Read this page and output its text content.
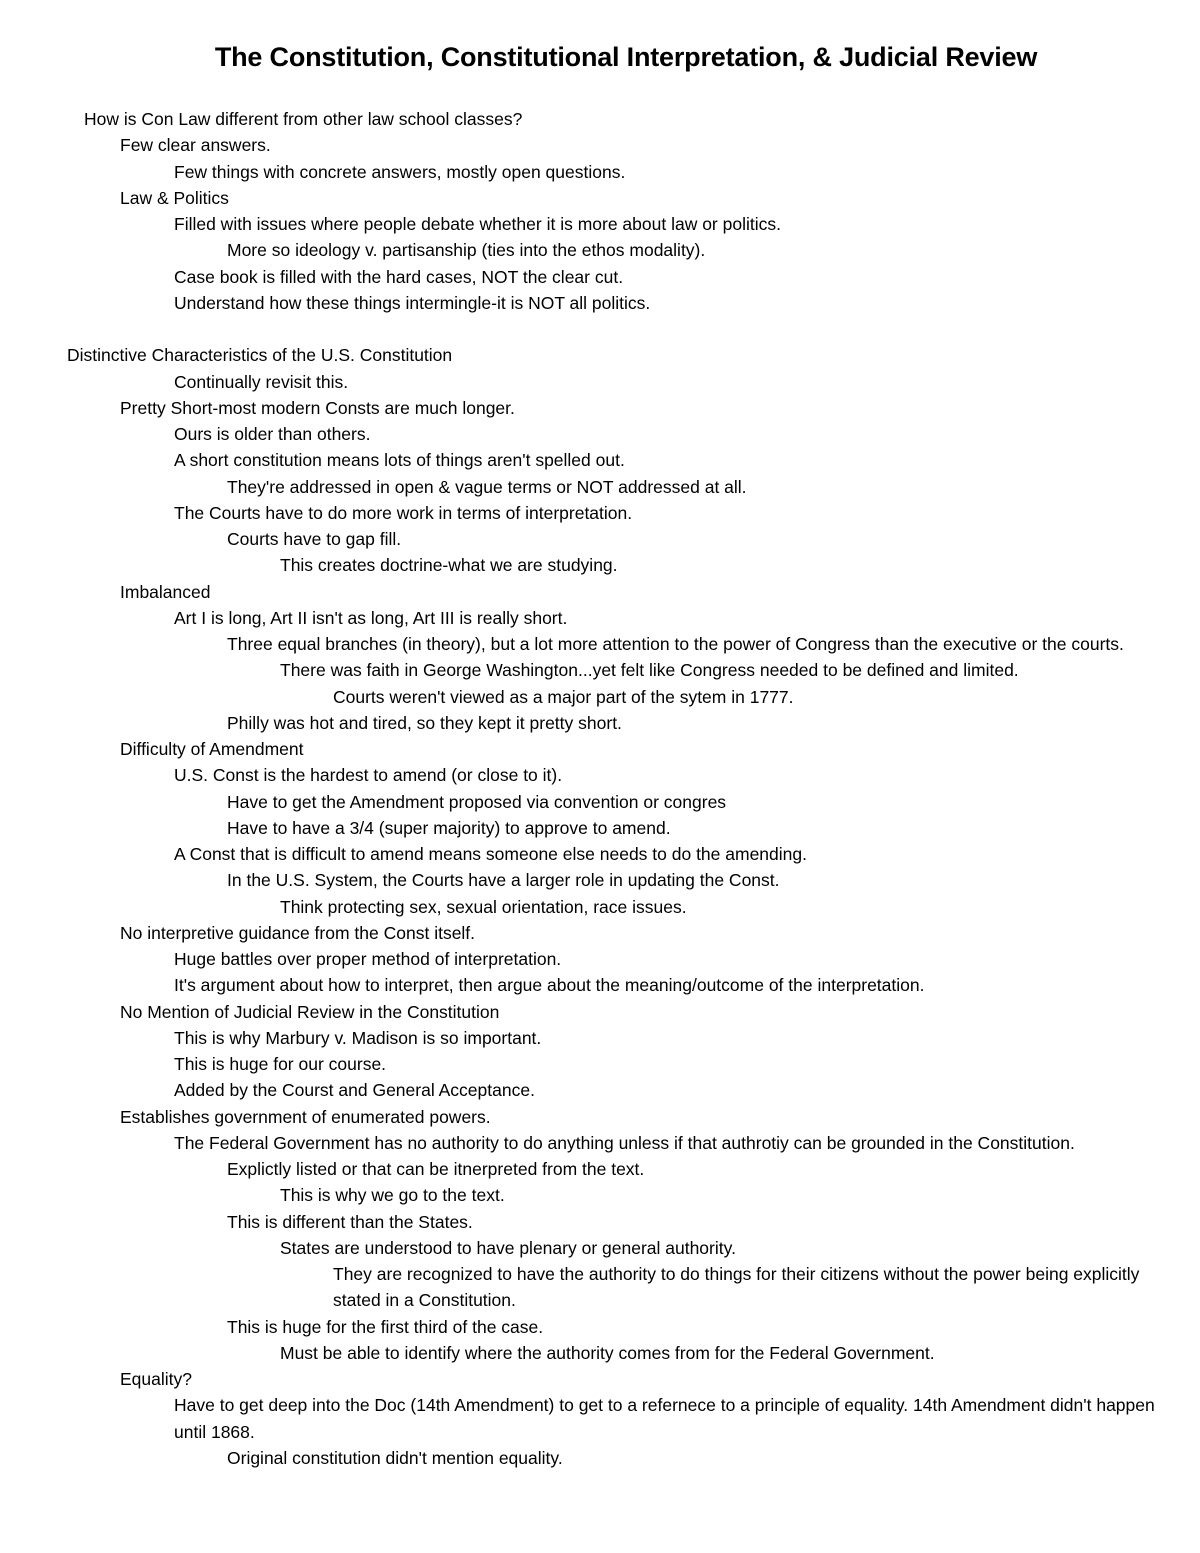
The Constitution, Constitutional Interpretation, & Judicial Review
How is Con Law different from other law school classes?
Few clear answers.
Few things with concrete answers, mostly open questions.
Law & Politics
Filled with issues where people debate whether it is more about law or politics.
More so ideology v. partisanship (ties into the ethos modality).
Case book is filled with the hard cases, NOT the clear cut.
Understand how these things intermingle-it is NOT all politics.
Distinctive Characteristics of the U.S. Constitution
Continually revisit this.
Pretty Short-most modern Consts are much longer.
Ours is older than others.
A short constitution means lots of things aren't spelled out.
They're addressed in open & vague terms or NOT addressed at all.
The Courts have to do more work in terms of interpretation.
Courts have to gap fill.
This creates doctrine-what we are studying.
Imbalanced
Art I is long, Art II isn't as long, Art III is really short.
Three equal branches (in theory), but a lot more attention to the power of Congress than the executive or the courts.
There was faith in George Washington...yet felt like Congress needed to be defined and limited.
Courts weren't viewed as a major part of the sytem in 1777.
Philly was hot and tired, so they kept it pretty short.
Difficulty of Amendment
U.S. Const is the hardest to amend (or close to it).
Have to get the Amendment proposed via convention or congres
Have to have a 3/4 (super majority) to approve to amend.
A Const that is difficult to amend means someone else needs to do the amending.
In the U.S. System, the Courts have a larger role in updating the Const.
Think protecting sex, sexual orientation, race issues.
No interpretive guidance from the Const itself.
Huge battles over proper method of interpretation.
It's argument about how to interpret, then argue about the meaning/outcome of the interpretation.
No Mention of Judicial Review in the Constitution
This is why Marbury v. Madison is so important.
This is huge for our course.
Added by the Courst and General Acceptance.
Establishes government of enumerated powers.
The Federal Government has no authority to do anything unless if that authrotiy can be grounded in the Constitution.
Explictly listed or that can be itnerpreted from the text.
This is why we go to the text.
This is different than the States.
States are understood to have plenary or general authority.
They are recognized to have the authority to do things for their citizens without the power being explicitly stated in a Constitution.
This is huge for the first third of the case.
Must be able to identify where the authority comes from for the Federal Government.
Equality?
Have to get deep into the Doc (14th Amendment) to get to a refernece to a principle of equality. 14th Amendment didn't happen until 1868.
Original constitution didn't mention equality.
